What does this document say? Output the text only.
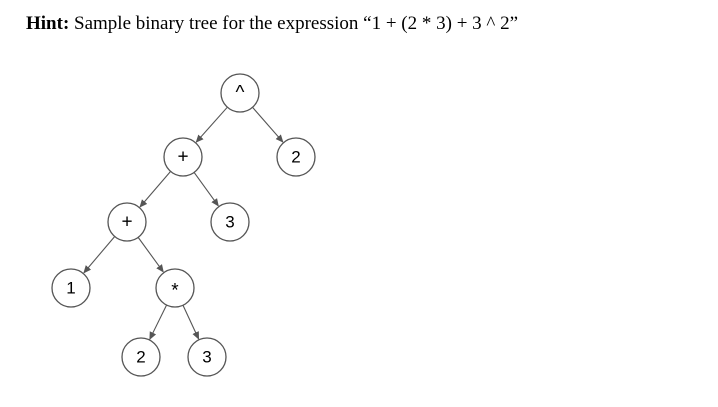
Hint: Sample binary tree for the expression “1 + (2 * 3) + 3 ^ 2”
^
+	2
+	3
1	*
2	3
